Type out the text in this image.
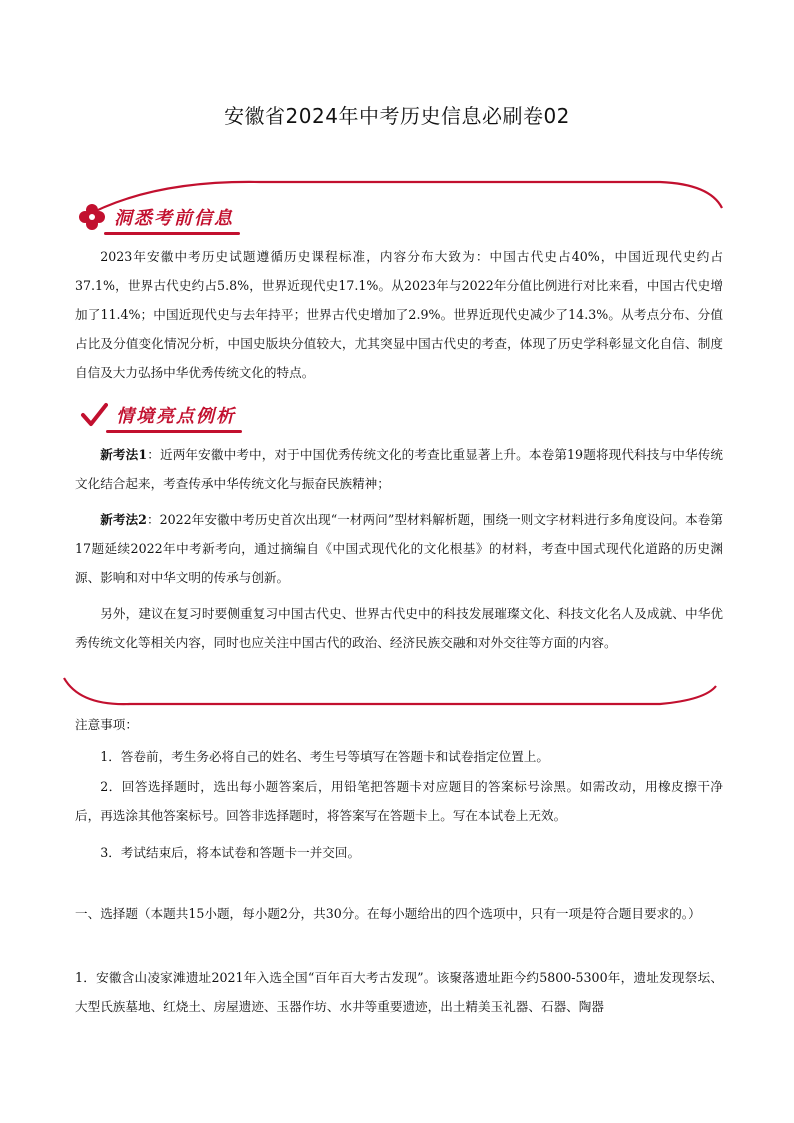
安徽省2024年中考历史信息必刷卷02
洞悉考前信息
2023年安徽中考历史试题遵循历史课程标准，内容分布大致为：中国古代史占40%，中国近现代史约占37.1%，世界古代史约占5.8%，世界近现代史17.1%。从2023年与2022年分值比例进行对比来看，中国古代史增加了11.4%；中国近现代史与去年持平；世界古代史增加了2.9%。世界近现代史减少了14.3%。从考点分布、分值占比及分值变化情况分析，中国史版块分值较大，尤其突显中国古代史的考查，体现了历史学科彰显文化自信、制度自信及大力弘扬中华优秀传统文化的特点。
情境亮点例析
新考法1：近两年安徽中考中，对于中国优秀传统文化的考查比重显著上升。本卷第19题将现代科技与中华传统文化结合起来，考查传承中华传统文化与振奋民族精神；
新考法2：2022年安徽中考历史首次出现“一材两问”型材料解析题，围绕一则文字材料进行多角度设问。本卷第17题延续2022年中考新考向，通过摘编自《中国式现代化的文化根基》的材料，考查中国式现代化道路的历史渊源、影响和对中华文明的传承与创新。
另外，建议在复习时要侧重复习中国古代史、世界古代史中的科技发展璀璨文化、科技文化名人及成就、中华优秀传统文化等相关内容，同时也应关注中国古代的政治、经济民族交融和对外交往等方面的内容。
注意事项：
1．答卷前，考生务必将自己的姓名、考生号等填写在答题卡和试卷指定位置上。
2．回答选择题时，选出每小题答案后，用铅笔把答题卡对应题目的答案标号涂黑。如需改动，用橡皮擦干净后，再选涂其他答案标号。回答非选择题时，将答案写在答题卡上。写在本试卷上无效。
3．考试结束后，将本试卷和答题卡一并交回。
一、选择题（本题共15小题，每小题2分，共30分。在每小题给出的四个选项中，只有一项是符合题目要求的。）
1．安徽含山凌家滩遗址2021年入选全国“百年百大考古发现”。该聚落遗址距今约5800-5300年，遗址发现祭坛、大型氏族墓地、红烧土、房屋遗迹、玉器作坊、水井等重要遗迹，出土精美玉礼器、石器、陶器
